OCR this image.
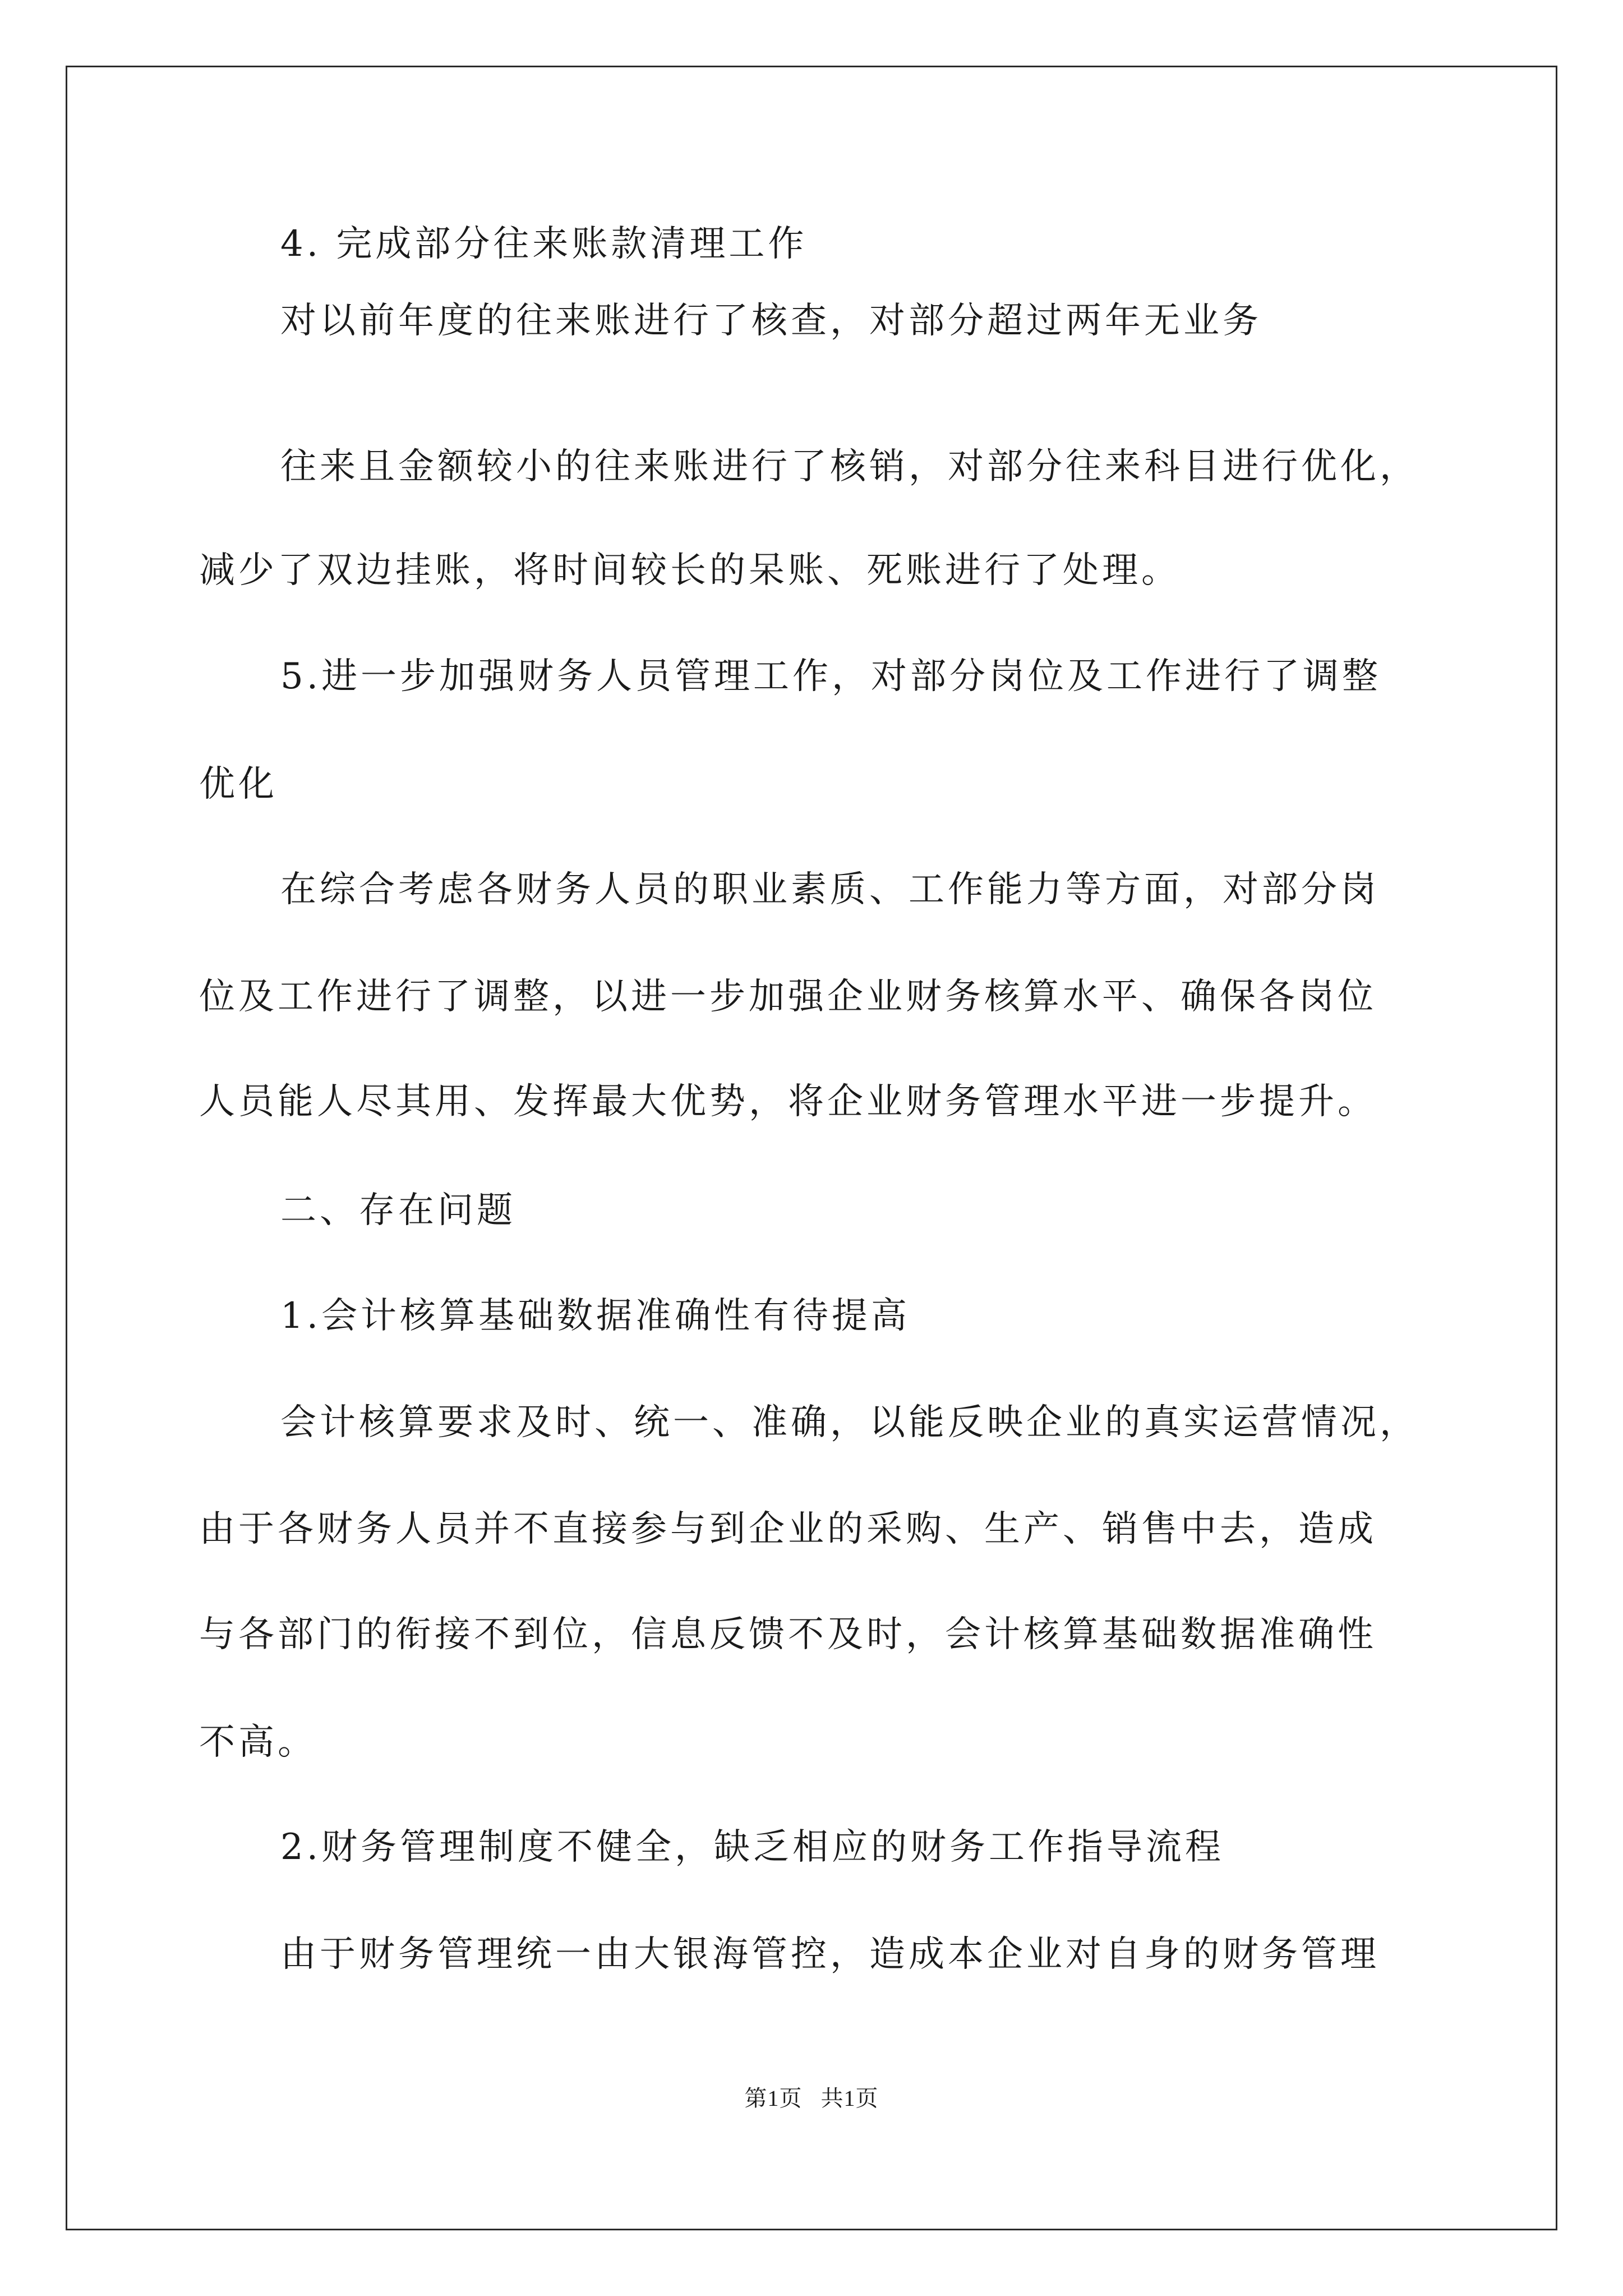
4. 完成部分往来账款清理工作
对以前年度的往来账进行了核查，对部分超过两年无业务
往来且金额较小的往来账进行了核销，对部分往来科目进行优化，
减少了双边挂账，将时间较长的呆账、死账进行了处理。
5.进一步加强财务人员管理工作，对部分岗位及工作进行了调整
优化
在综合考虑各财务人员的职业素质、工作能力等方面，对部分岗
位及工作进行了调整，以进一步加强企业财务核算水平、确保各岗位
人员能人尽其用、发挥最大优势，将企业财务管理水平进一步提升。
二、存在问题
1.会计核算基础数据准确性有待提高
会计核算要求及时、统一、准确，以能反映企业的真实运营情况，
由于各财务人员并不直接参与到企业的采购、生产、销售中去，造成
与各部门的衔接不到位，信息反馈不及时，会计核算基础数据准确性
不高。
2.财务管理制度不健全，缺乏相应的财务工作指导流程
由于财务管理统一由大银海管控，造成本企业对自身的财务管理
第1页 共1页
